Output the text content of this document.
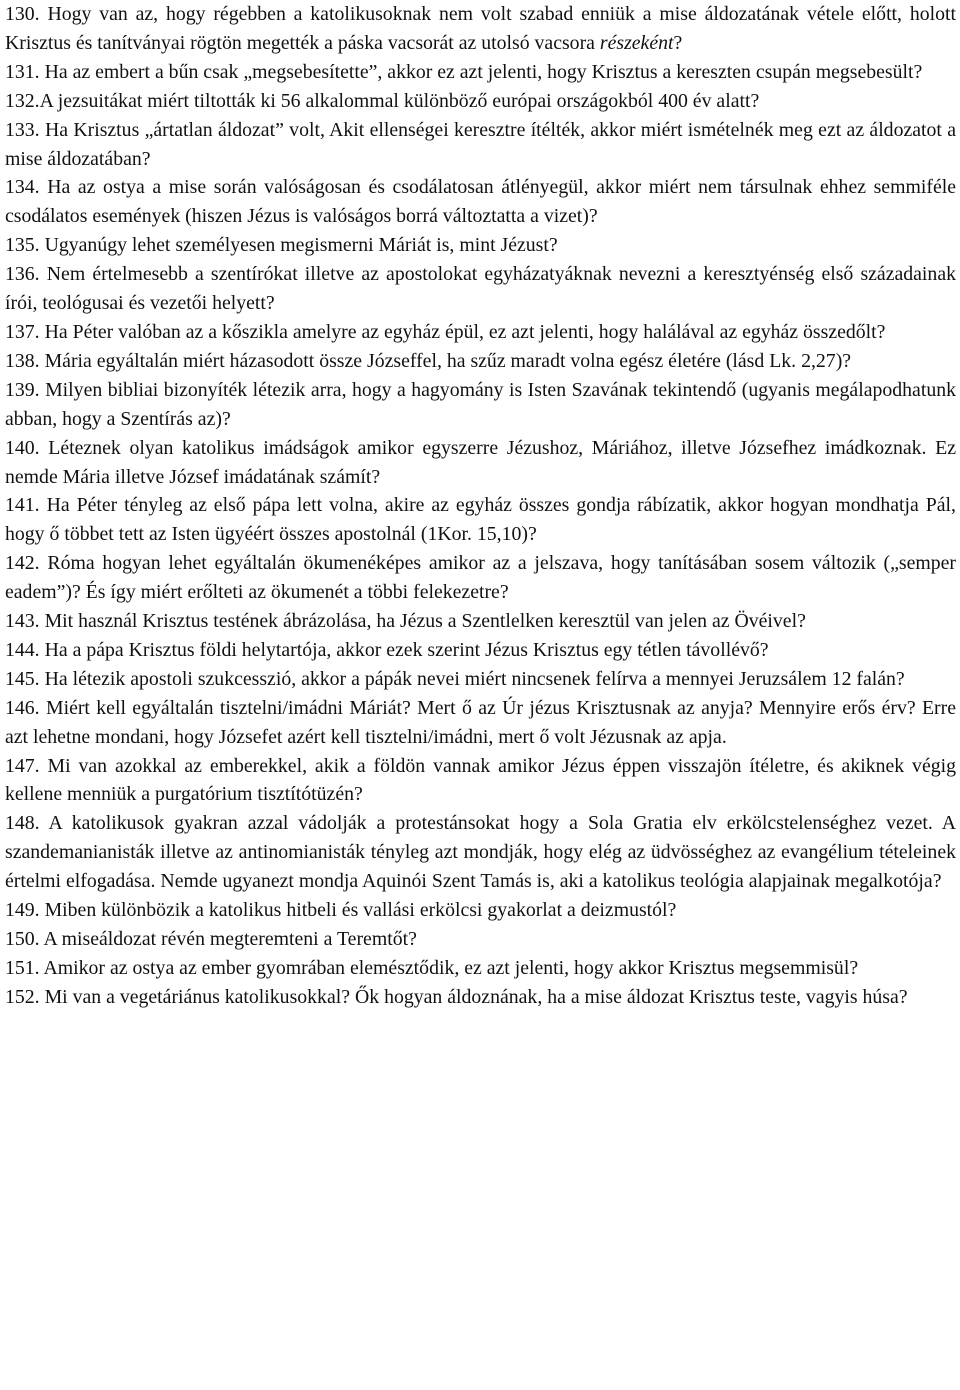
130. Hogy van az, hogy régebben a katolikusoknak nem volt szabad enniük a mise áldozatának vétele előtt, holott Krisztus és tanítványai rögtön megették a páska vacsorát az utolsó vacsora részeként?

131. Ha az embert a bűn csak „megsebesítette”, akkor ez azt jelenti, hogy Krisztus a kereszten csupán megsebesült?

132.A jezsuitákat miért tiltották ki 56 alkalommal különböző európai országokból 400 év alatt?

133. Ha Krisztus „ártatlan áldozat” volt, Akit ellenségei keresztre ítélték, akkor miért ismételnék meg ezt az áldozatot a mise áldozatában?

134. Ha az ostya a mise során valóságosan és csodálatosan átlényegül, akkor miért nem társulnak ehhez semmiféle csodálatos események (hiszen Jézus is valóságos borrá változtatta a vizet)?

135. Ugyanúgy lehet személyesen megismerni Máriát is, mint Jézust?

136. Nem értelmesebb a szentírókat illetve az apostolokat egyházatyáknak nevezni a keresztyénség első századainak írói, teológusai és vezetői helyett?

137. Ha Péter valóban az a kőszikla amelyre az egyház épül, ez azt jelenti, hogy halálával az egyház összedőlt?

138. Mária egyáltalán miért házasodott össze Józseffel, ha szűz maradt volna egész életére (lásd Lk. 2,27)?

139. Milyen bibliai bizonyíték létezik arra, hogy a hagyomány is Isten Szavának tekintendő (ugyanis megálapodhatunk abban, hogy a Szentírás az)?

140. Léteznek olyan katolikus imádságok amikor egyszerre Jézushoz, Máriához, illetve Józsefhez imádkoznak. Ez nemde Mária illetve József imádatának számít?

141. Ha Péter tényleg az első pápa lett volna, akire az egyház összes gondja rábízatik, akkor hogyan mondhatja Pál, hogy ő többet tett az Isten ügyéért összes apostolnál (1Kor. 15,10)?

142. Róma hogyan lehet egyáltalán ökumenéképes amikor az a jelszava, hogy tanításában sosem változik („semper eadem”)? És így miért erőlteti az ökumenét a többi felekezetre?

143. Mit használ Krisztus testének ábrázolása, ha Jézus a Szentlelken keresztül van jelen az Övéivel?

144. Ha a pápa Krisztus földi helytartója, akkor ezek szerint Jézus Krisztus egy tétlen távollévő?

145. Ha létezik apostoli szukcesszió, akkor a pápák nevei miért nincsenek felírva a mennyei Jeruzsálem 12 falán?

146. Miért kell egyáltalán tisztelni/imádni Máriát? Mert ő az Úr jézus Krisztusnak az anyja? Mennyire erős érv? Erre azt lehetne mondani, hogy Józsefet azért kell tisztelni/imádni, mert ő volt Jézusnak az apja.

147. Mi van azokkal az emberekkel, akik a földön vannak amikor Jézus éppen visszajön ítéletre, és akiknek végig kellene menniük a purgatórium tisztítótüzén?

148. A katolikusok gyakran azzal vádolják a protestánsokat hogy a Sola Gratia elv erkölcstelenséghez vezet. A szandemanianisták illetve az antinomianisták tényleg azt mondják, hogy elég az üdvösséghez az evangélium tételeinek értelmi elfogadása. Nemde ugyanezt mondja Aquinói Szent Tamás is, aki a katolikus teológia alapjainak megalkotója?

149. Miben különbözik a katolikus hitbeli és vallási erkölcsi gyakorlat a deizmustól?

150. A miseáldozat révén megteremteni a Teremtőt?

151. Amikor az ostya az ember gyomrában elemésztődik, ez azt jelenti, hogy akkor Krisztus megsemmisül?

152. Mi van a vegetáriánus katolikusokkal? Ők hogyan áldoznának, ha a mise áldozat Krisztus teste, vagyis húsa?
